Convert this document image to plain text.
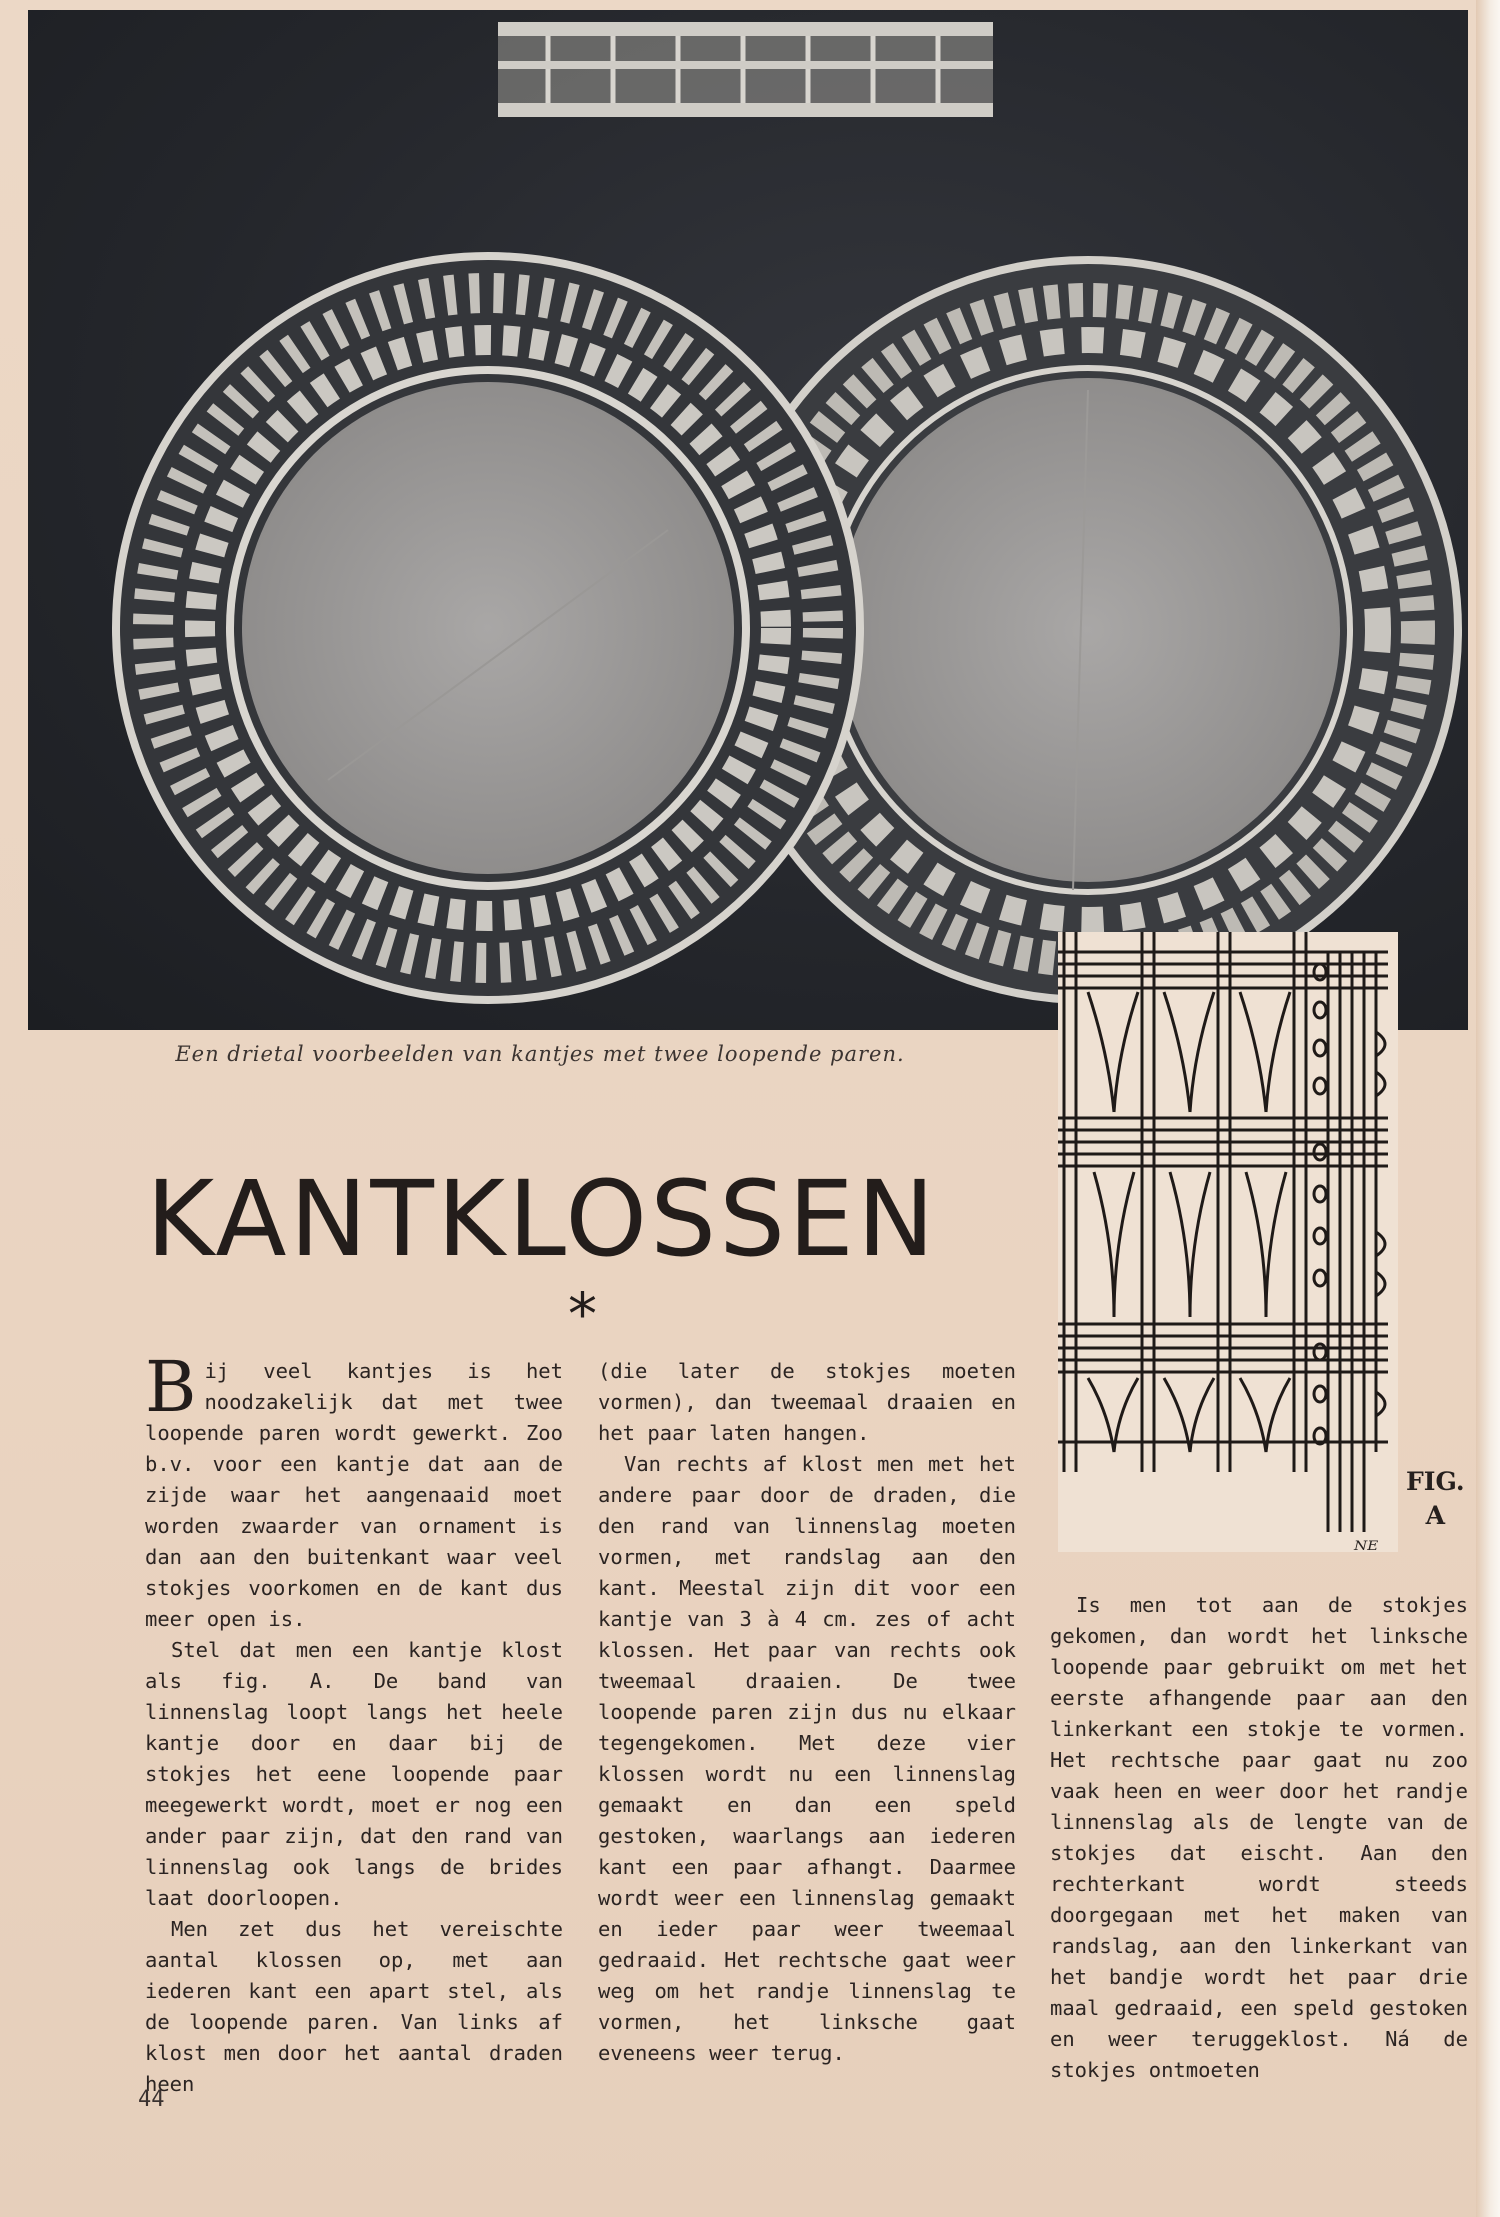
Een drietal voorbeelden van kantjes met twee loopende paren.
FIG.
A
ᴺᴱ
KANTKLOSSEN
*

Bij veel kantjes is het noodzakelijk dat met twee loopende paren wordt gewerkt. Zoo b.v. voor een kantje dat aan de zijde waar het aangenaaid moet worden zwaarder van ornament is dan aan den buitenkant waar veel stokjes voorkomen en de kant dus meer open is.

Stel dat men een kantje klost als fig. A. De band van linnenslag loopt langs het heele kantje door en daar bij de stokjes het eene loopende paar meegewerkt wordt, moet er nog een ander paar zijn, dat den rand van linnenslag ook langs de brides laat doorloopen.

Men zet dus het vereischte aantal klossen op, met aan iederen kant een apart stel, als de loopende paren. Van links af klost men door het aantal draden heen

(die later de stokjes moeten vormen), dan tweemaal draaien en het paar laten hangen.

Van rechts af klost men met het andere paar door de draden, die den rand van linnenslag moeten vormen, met randslag aan den kant. Meestal zijn dit voor een kantje van 3 à 4 cm. zes of acht klossen. Het paar van rechts ook tweemaal draaien. De twee loopende paren zijn dus nu elkaar tegengekomen. Met deze vier klossen wordt nu een linnenslag gemaakt en dan een speld gestoken, waarlangs aan iederen kant een paar afhangt. Daarmee wordt weer een linnenslag gemaakt en ieder paar weer tweemaal gedraaid. Het rechtsche gaat weer weg om het randje linnenslag te vormen, het linksche gaat eveneens weer terug.

Is men tot aan de stokjes gekomen, dan wordt het linksche loopende paar gebruikt om met het eerste afhangende paar aan den linkerkant een stokje te vormen. Het rechtsche paar gaat nu zoo vaak heen en weer door het randje linnenslag als de lengte van de stokjes dat eischt. Aan den rechterkant wordt steeds doorgegaan met het maken van randslag, aan den linkerkant van het bandje wordt het paar drie maal gedraaid, een speld gestoken en weer teruggeklost. Ná de stokjes ontmoeten

44
